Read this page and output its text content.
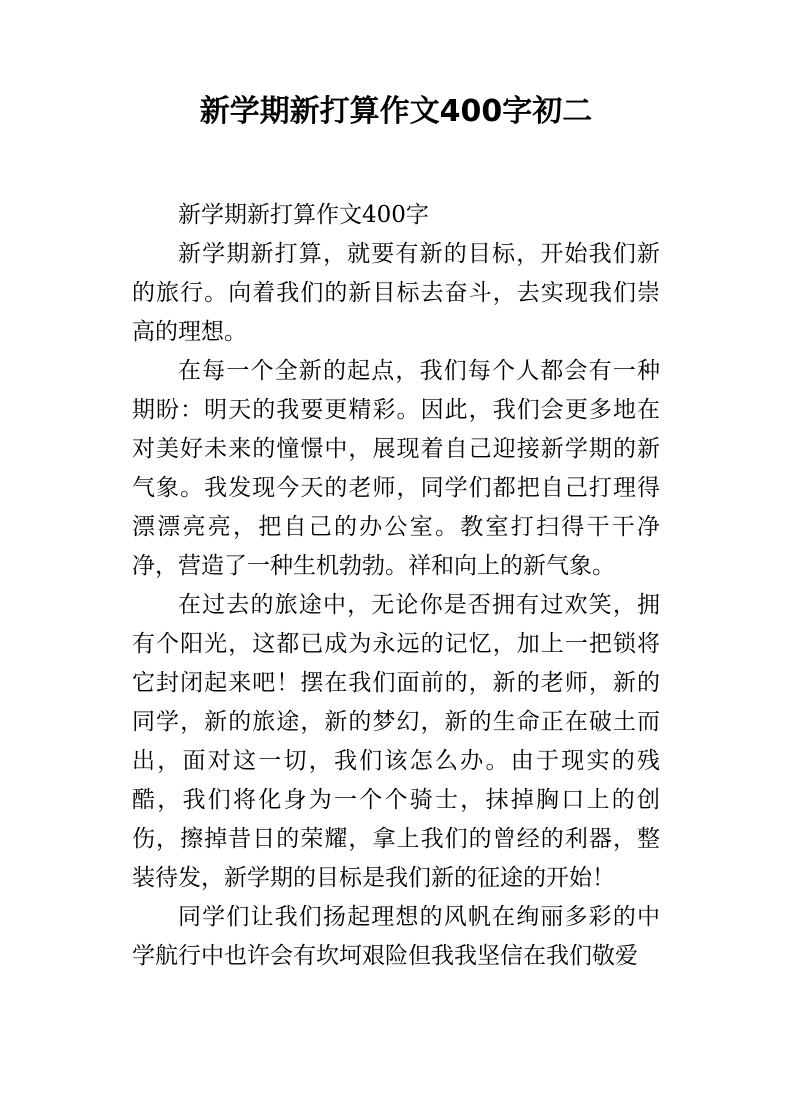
新学期新打算作文400字初二

新学期新打算作文400字

新学期新打算，就要有新的目标，开始我们新的旅行。向着我们的新目标去奋斗，去实现我们崇高的理想。

在每一个全新的起点，我们每个人都会有一种期盼：明天的我要更精彩。因此，我们会更多地在对美好未来的憧憬中，展现着自己迎接新学期的新气象。我发现今天的老师，同学们都把自己打理得漂漂亮亮，把自己的办公室。教室打扫得干干净净，营造了一种生机勃勃。祥和向上的新气象。

在过去的旅途中，无论你是否拥有过欢笑，拥有个阳光，这都已成为永远的记忆，加上一把锁将它封闭起来吧！摆在我们面前的，新的老师，新的同学，新的旅途，新的梦幻，新的生命正在破土而出，面对这一切，我们该怎么办。由于现实的残酷，我们将化身为一个个骑士，抹掉胸口上的创伤，擦掉昔日的荣耀，拿上我们的曾经的利器，整装待发，新学期的目标是我们新的征途的开始！

同学们让我们扬起理想的风帆在绚丽多彩的中学航行中也许会有坎坷艰险但我我坚信在我们敬爱
